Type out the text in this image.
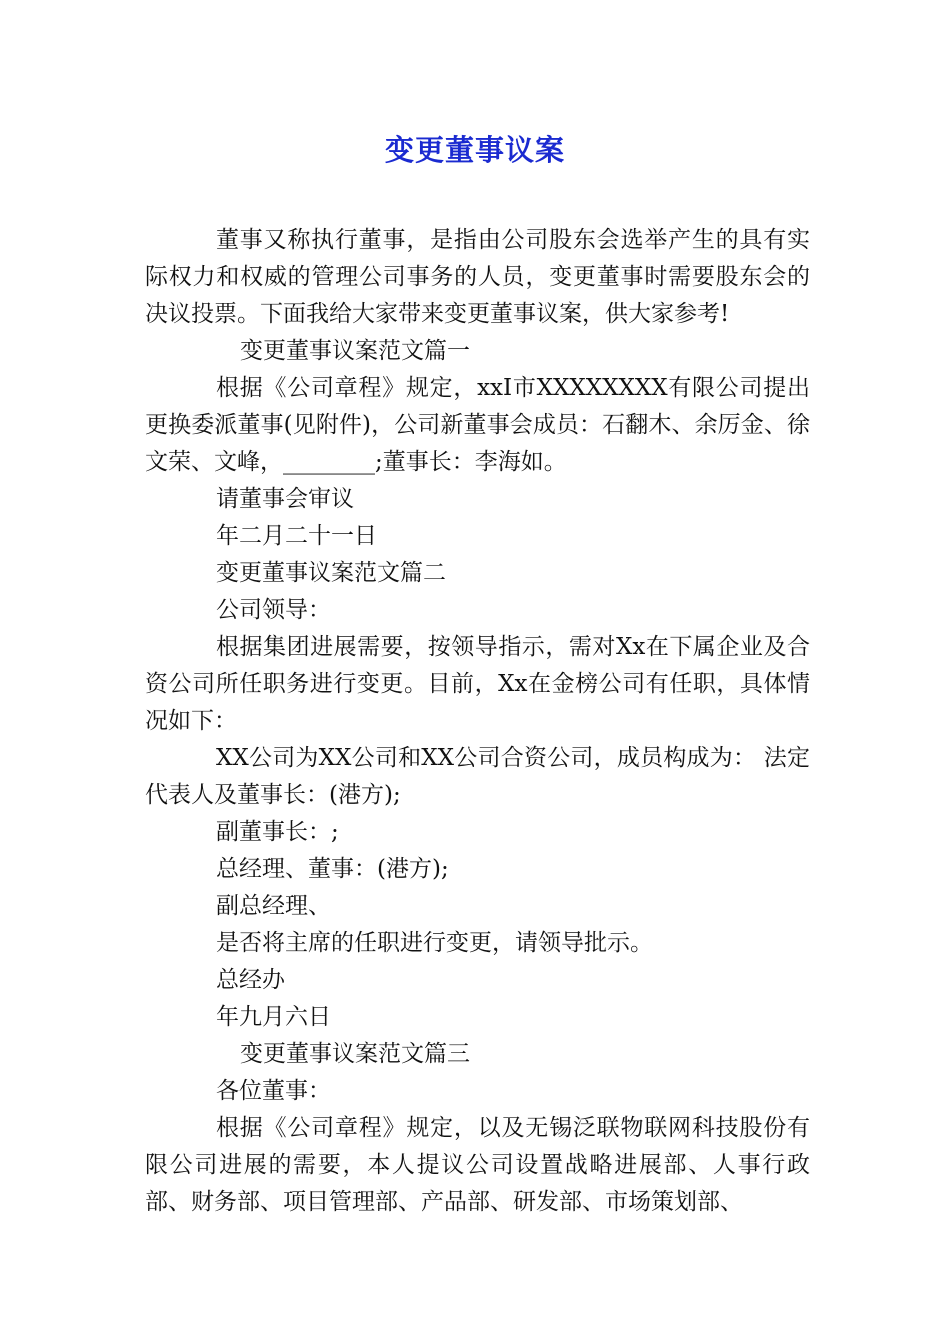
变更董事议案

董事又称执行董事，是指由公司股东会选举产生的具有实际权力和权威的管理公司事务的人员，变更董事时需要股东会的决议投票。下面我给大家带来变更董事议案，供大家参考!

变更董事议案范文篇一

根据《公司章程》规定，xxI市XXXXXXXX有限公司提出更换委派董事(见附件)，公司新董事会成员：石翻木、余厉金、徐文荣、文峰，________;董事长：李海如。

请董事会审议

年二月二十一日

变更董事议案范文篇二

公司领导：

根据集团进展需要，按领导指示，需对Xx在下属企业及合资公司所任职务进行变更。目前，Xx在金榜公司有任职，具体情况如下：

XX公司为XX公司和XX公司合资公司，成员构成为： 法定代表人及董事长：(港方);

副董事长：;

总经理、董事：(港方);

副总经理、

是否将主席的任职进行变更，请领导批示。

总经办

年九月六日

变更董事议案范文篇三

各位董事：

根据《公司章程》规定，以及无锡泛联物联网科技股份有限公司进展的需要，本人提议公司设置战略进展部、人事行政部、财务部、项目管理部、产品部、研发部、市场策划部、
